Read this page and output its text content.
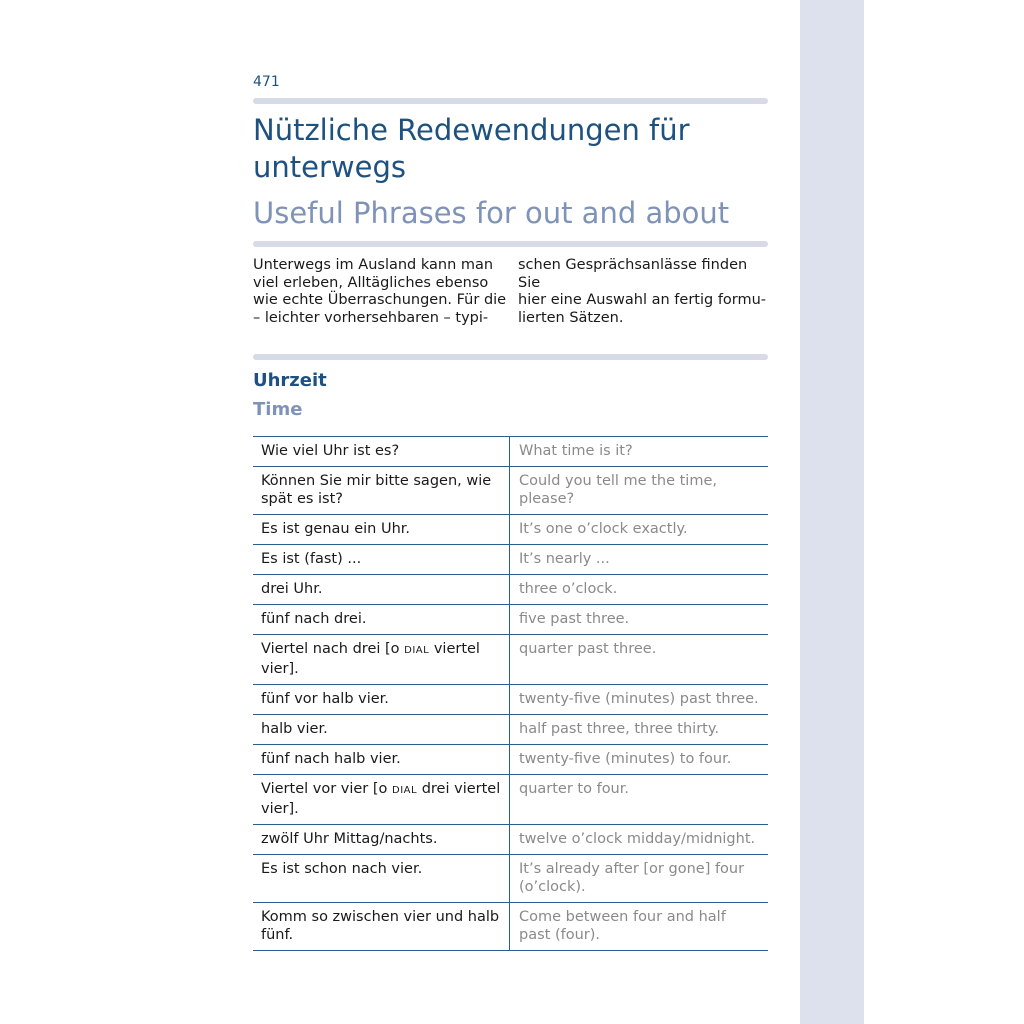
471
Nützliche Redewendungen für unterwegs
Useful Phrases for out and about
Unterwegs im Ausland kann man
viel erleben, Alltägliches ebenso
wie echte Überraschungen. Für die
– leichter vorhersehbaren – typi-
schen Gesprächsanlässe finden Sie
hier eine Auswahl an fertig formu-
lierten Sätzen.
Uhrzeit
Time
Wie viel Uhr ist es?	What time is it?
Können Sie mir bitte sagen, wie spät es ist?	Could you tell me the time, please?
Es ist genau ein Uhr.	It’s one o’clock exactly.
Es ist (fast) ...	It’s nearly ...
drei Uhr.	three o’clock.
fünf nach drei.	five past three.
Viertel nach drei [o DIAL viertel vier].	quarter past three.
fünf vor halb vier.	twenty-five (minutes) past three.
halb vier.	half past three, three thirty.
fünf nach halb vier.	twenty-five (minutes) to four.
Viertel vor vier [o DIAL drei viertel vier].	quarter to four.
zwölf Uhr Mittag/nachts.	twelve o’clock midday/midnight.
Es ist schon nach vier.	It’s already after [or gone] four (o’clock).
Komm so zwischen vier und halb fünf.	Come between four and half past (four).
